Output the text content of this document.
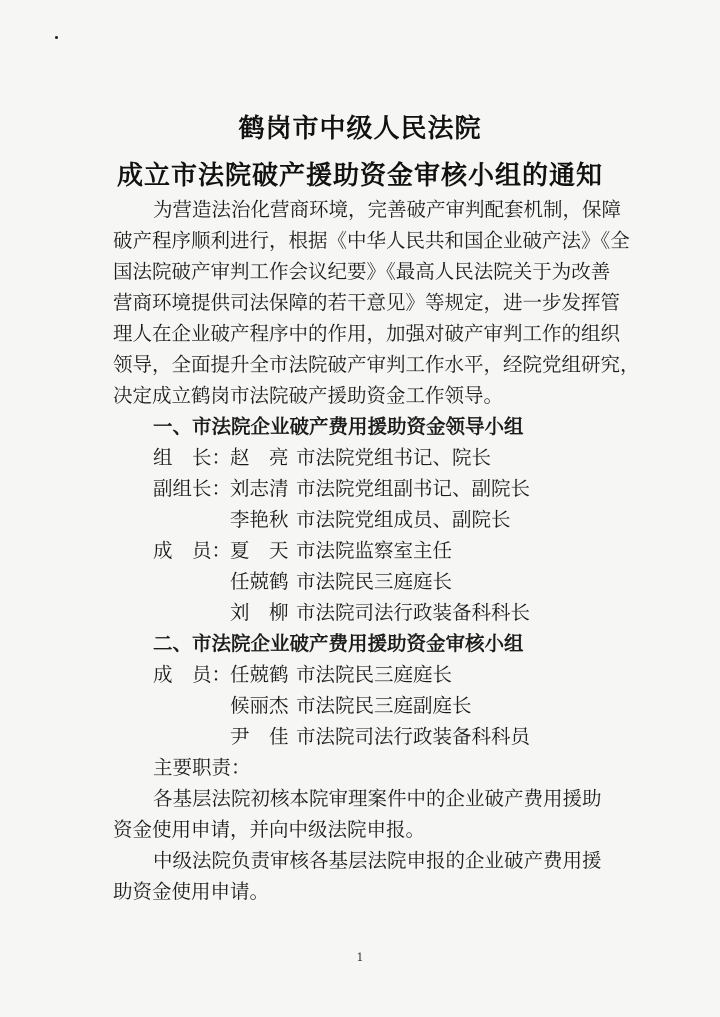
鹤岗市中级人民法院
成立市法院破产援助资金审核小组的通知
为营造法治化营商环境，完善破产审判配套机制，保障
破产程序顺利进行，根据《中华人民共和国企业破产法》《全
国法院破产审判工作会议纪要》《最高人民法院关于为改善
营商环境提供司法保障的若干意见》等规定，进一步发挥管
理人在企业破产程序中的作用，加强对破产审判工作的组织
领导，全面提升全市法院破产审判工作水平，经院党组研究，
决定成立鹤岗市法院破产援助资金工作领导。
一、市法院企业破产费用援助资金领导小组
组　长：
赵　亮 市法院党组书记、院长
副组长：
刘志清 市法院党组副书记、副院长
李艳秋 市法院党组成员、副院长
成　员：
夏　天 市法院监察室主任
任兢鹤 市法院民三庭庭长
刘　柳 市法院司法行政装备科科长
二、市法院企业破产费用援助资金审核小组
成　员：
任兢鹤 市法院民三庭庭长
候丽杰 市法院民三庭副庭长
尹　佳 市法院司法行政装备科科员
主要职责：
各基层法院初核本院审理案件中的企业破产费用援助
资金使用申请，并向中级法院申报。
中级法院负责审核各基层法院申报的企业破产费用援
助资金使用申请。
1
